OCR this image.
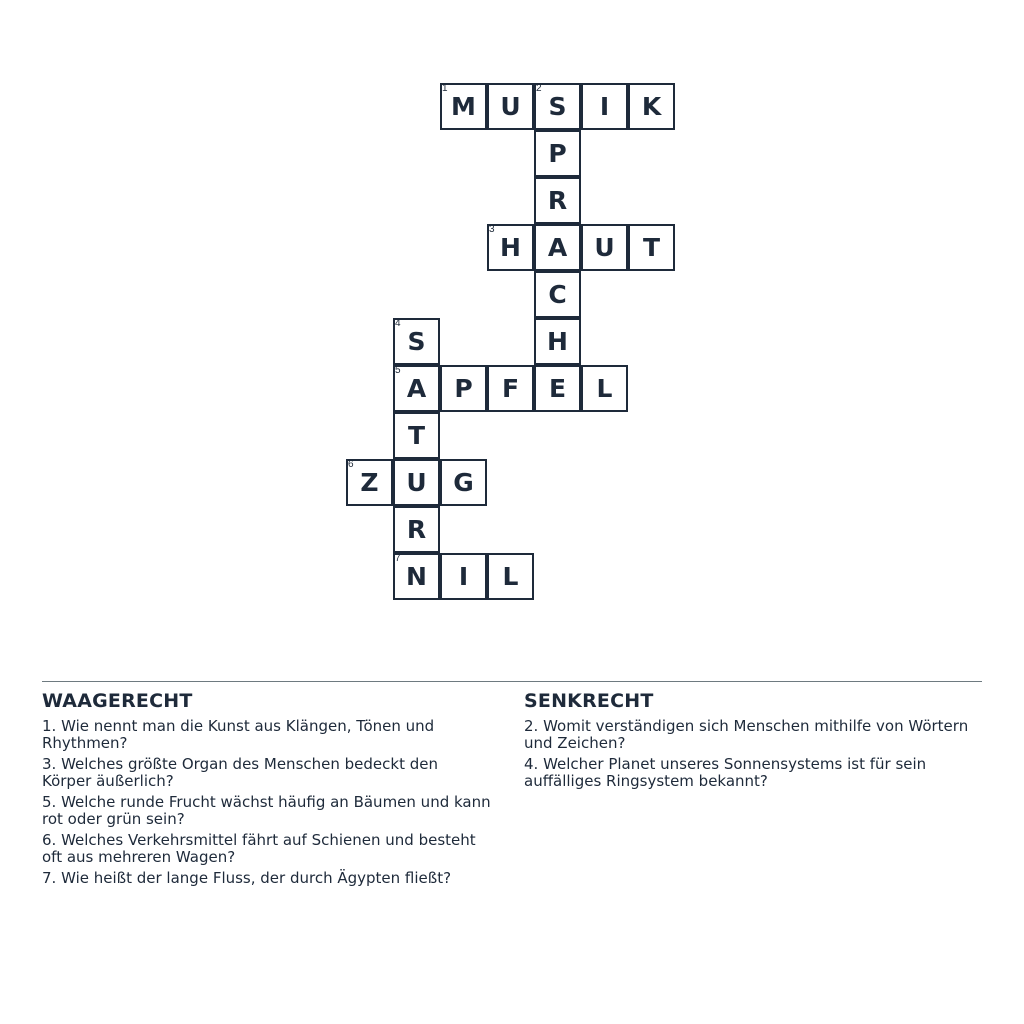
1
M U
2
S	I	K
P
R
3
H	A	U	T
C
4
S	H
5
A	P	F	E	L
T
6
Z	U	G
R
7
N	I	L
WAAGERECHT

1. Wie nennt man die Kunst aus Klängen, Tönen und Rhythmen?

3. Welches größte Organ des Menschen bedeckt den Körper äußerlich?

5. Welche runde Frucht wächst häufig an Bäumen und kann rot oder grün sein?

6. Welches Verkehrsmittel fährt auf Schienen und besteht oft aus mehreren Wagen?

7. Wie heißt der lange Fluss, der durch Ägypten fließt?

SENKRECHT

2. Womit verständigen sich Menschen mithilfe von Wörtern und Zeichen?

4. Welcher Planet unseres Sonnensystems ist für sein auffälliges Ringsystem bekannt?
